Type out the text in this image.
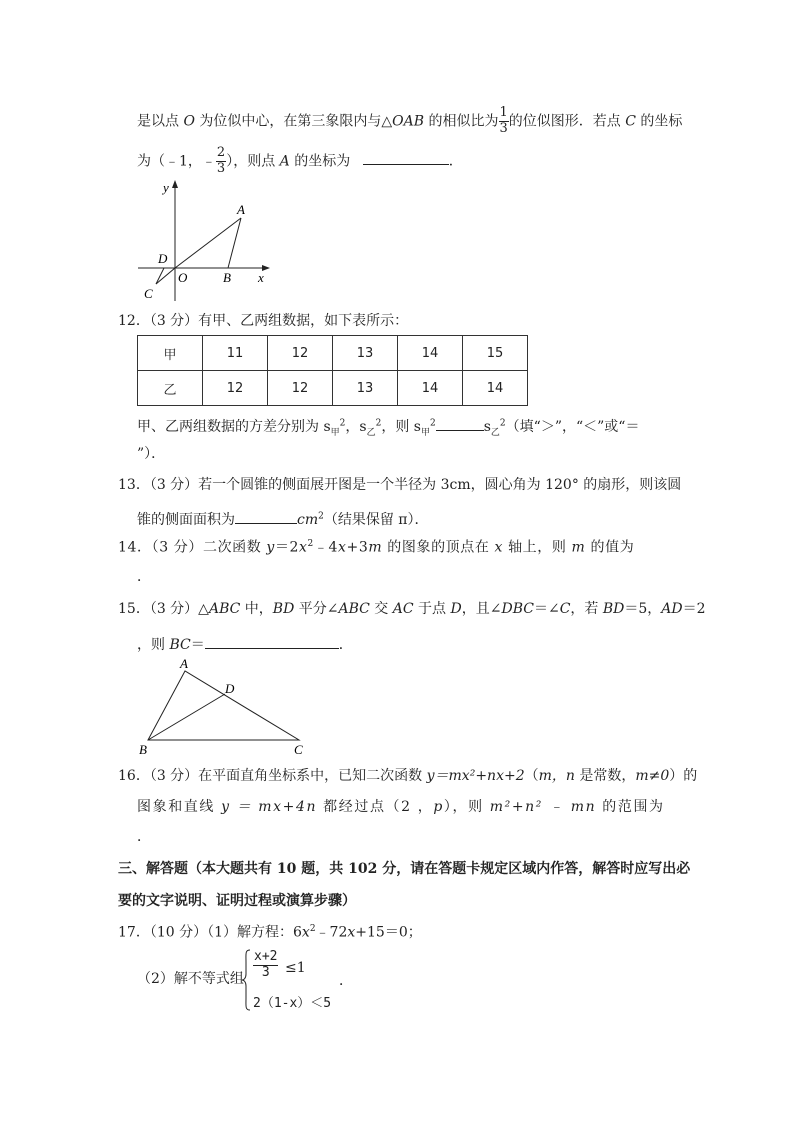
是以点 O 为位似中心，在第三象限内与△OAB 的相似比为 $\frac{1}{3}$ 的位似图形．若点 C 的坐标
为（﹣1，﹣ $\frac{2}{3}$ ），则点 A 的坐标为	．
y
x
A
D
O	B
C
12．（3 分）有甲、乙两组数据，如下表所示：
甲	11	12	13	14	15
乙	12	12	13	14	14
甲、乙两组数据的方差分别为 $s_甲^2$，$s_乙^2$，则 $s_甲^2$	$s_乙^2$（填“＞”，“＜”或“＝
”）．
13．（3 分）若一个圆锥的侧面展开图是一个半径为 3cm，圆心角为 120° 的扇形，则该圆
锥的侧面面积为	$cm^2$（结果保留 π）．
14．（3 分）二次函数 $y=2x^2﹣4x+3m$ 的图象的顶点在 x 轴上，则 m 的值为
．
15．（3 分）△ABC 中，BD 平分∠ABC 交 AC 于点 D，且∠DBC＝∠C，若 BD＝5，AD＝2
，则 BC＝	．
A
D
B	C
16．（3 分）在平面直角坐标系中，已知二次函数 y＝mx²+nx+2（m，n 是常数，m≠0）的
图象和直线 y ＝ mx+4n 都经过点（2 ，p），则 m²+n² ﹣ mn 的范围为
．
三、解答题（本大题共有 10 题，共 102 分，请在答题卡规定区域内作答，解答时应写出必
要的文字说明、证明过程或演算步骤）
17．（10 分）（1）解方程：$6x^2﹣72x+15=0$；
（2）解不等式组 $\frac{x+2}{3} \le 1$
2（1-x）＜5
．
